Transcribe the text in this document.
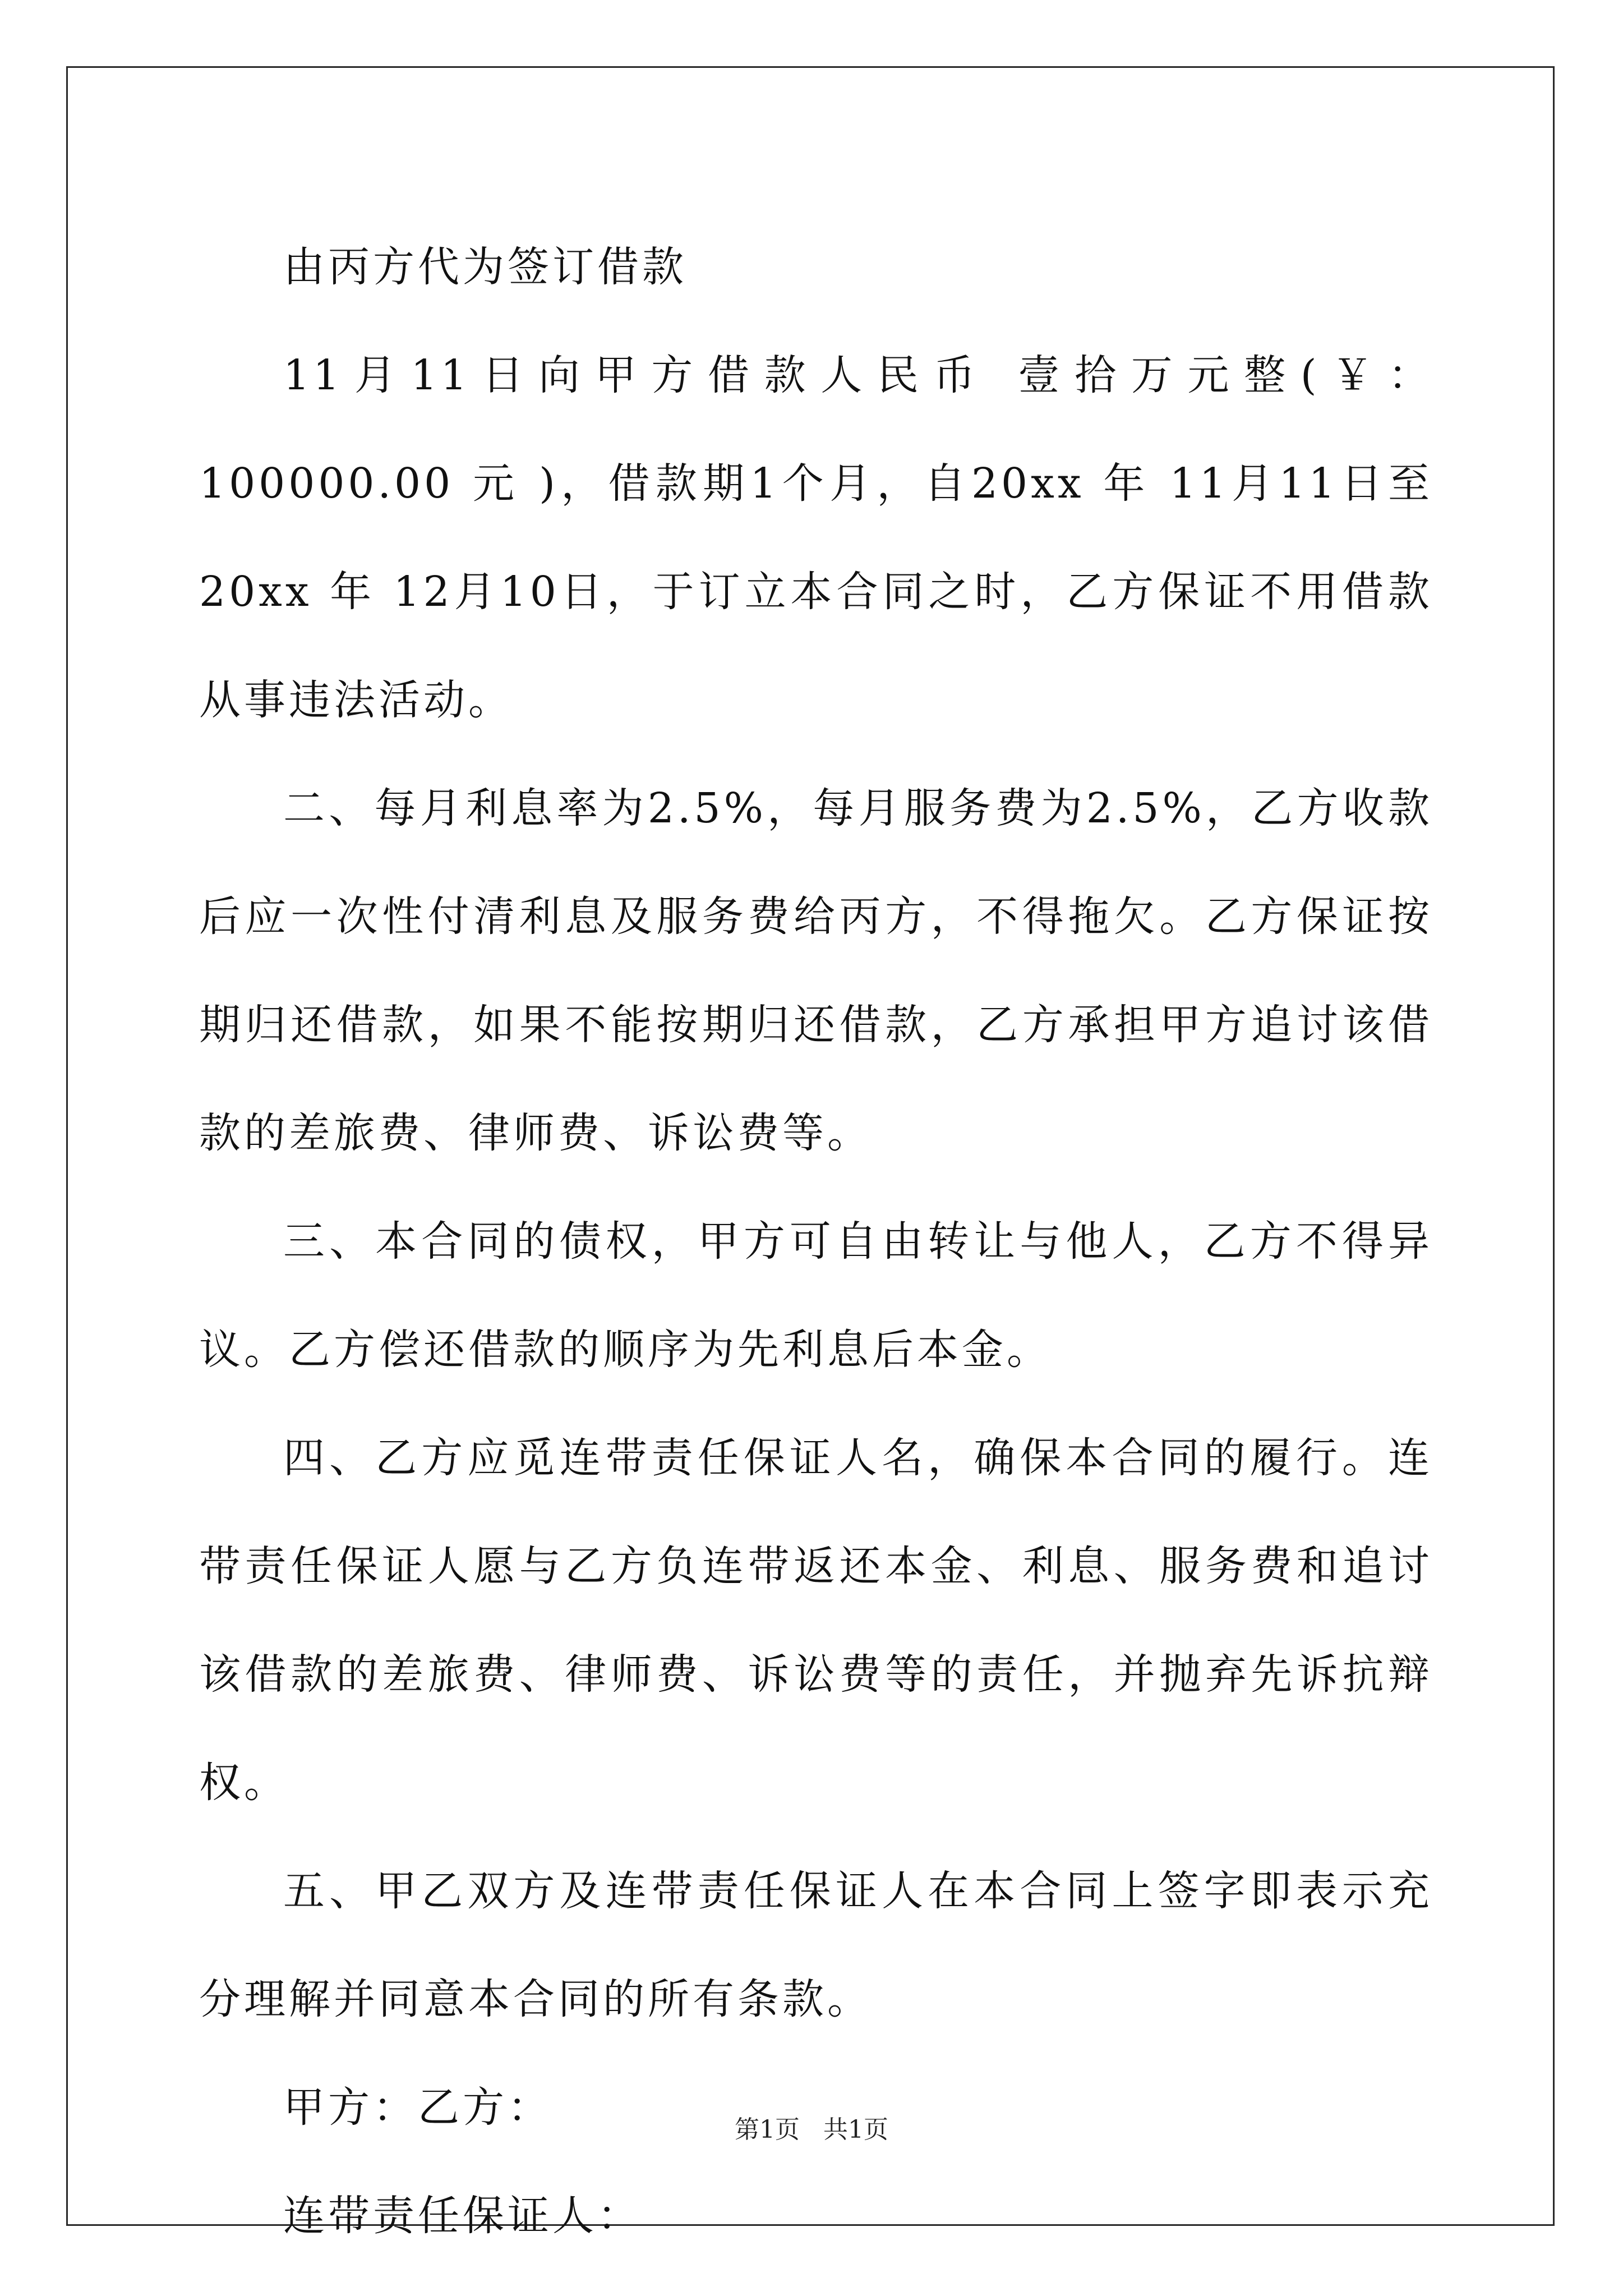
由丙方代为签订借款

11月11日向甲方借款人民币 壹拾万元整(￥： 100000.00 元 )，借款期1个月，自20xx 年 11月11日至 20xx 年 12月10日，于订立本合同之时，乙方保证不用借款从事违法活动。

二、每月利息率为2.5%，每月服务费为2.5%，乙方收款后应一次性付清利息及服务费给丙方，不得拖欠。乙方保证按期归还借款，如果不能按期归还借款，乙方承担甲方追讨该借款的差旅费、律师费、诉讼费等。

三、本合同的债权，甲方可自由转让与他人，乙方不得异议。乙方偿还借款的顺序为先利息后本金。

四、乙方应觅连带责任保证人名，确保本合同的履行。连带责任保证人愿与乙方负连带返还本金、利息、服务费和追讨该借款的差旅费、律师费、诉讼费等的责任，并抛弃先诉抗辩权。

五、甲乙双方及连带责任保证人在本合同上签字即表示充分理解并同意本合同的所有条款。

甲方：乙方：

连带责任保证人：

第1页 共1页
